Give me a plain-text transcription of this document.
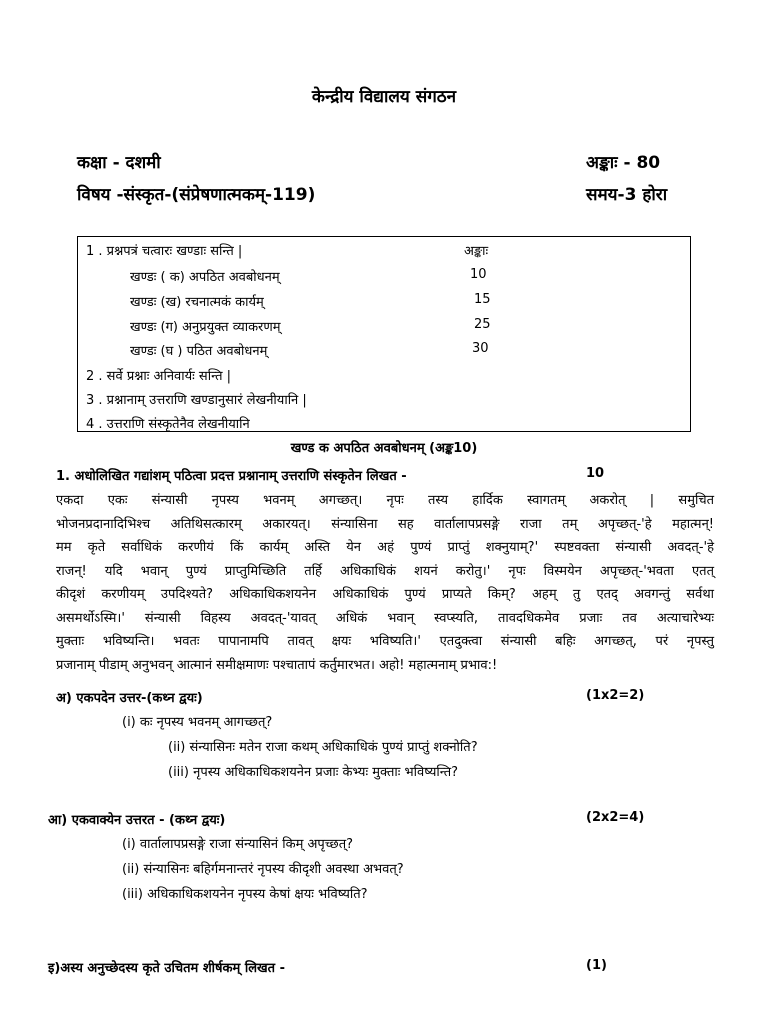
केन्द्रीय विद्यालय संगठन
कक्षा - दशमी	अङ्काः - 80
विषय -संस्कृत-(संप्रेषणात्मकम्-119)	समय-3 होरा
1 . प्रश्नपत्रं चत्वारः खण्डाः सन्ति |	अङ्काः
खण्डः ( क) अपठित अवबोधनम्	10
खण्डः (ख) रचनात्मकं कार्यम्	15
खण्डः (ग) अनुप्रयुक्त व्याकरणम्	25
खण्डः (घ ) पठित अवबोधनम्	30
2 . सर्वे प्रश्नाः अनिवार्यः सन्ति |
3 . प्रश्नानाम् उत्तराणि खण्डानुसारं लेखनीयानि |
4 . उत्तराणि संस्कृतेनैव लेखनीयानि
खण्ड क अपठित अवबोधनम् (अङ्क10)
1. अधोलिखित गद्यांशम् पठित्वा प्रदत्त प्रश्नानाम् उत्तराणि संस्कृतेन लिखत -	10
एकदा एकः संन्यासी नृपस्य भवनम् अगच्छत्। नृपः तस्य हार्दिक स्वागतम् अकरोत् | समुचित
भोजनप्रदानादिभिश्च अतिथिसत्कारम् अकारयत्। संन्यासिना सह वार्तालापप्रसङ्गे राजा तम् अपृच्छत्-'हे महात्मन्!
मम कृते सर्वाधिकं करणीयं किं कार्यम् अस्ति येन अहं पुण्यं प्राप्तुं शक्नुयाम्?' स्पष्टवक्ता संन्यासी अवदत्-'हे
राजन्! यदि भवान् पुण्यं प्राप्तुमिच्छिति तर्हि अधिकाधिकं शयनं करोतु।' नृपः विस्मयेन अपृच्छत्-'भवता एतत्
कीदृशं करणीयम् उपदिश्यते? अधिकाधिकशयनेन अधिकाधिकं पुण्यं प्राप्यते किम्? अहम् तु एतद् अवगन्तुं सर्वथा
असमर्थोऽस्मि।' संन्यासी विहस्य अवदत्-'यावत् अधिकं भवान् स्वप्स्यति, तावदधिकमेव प्रजाः तव अत्याचारेभ्यः
मुक्ताः भविष्यन्ति। भवतः पापानामपि तावत् क्षयः भविष्यति।' एतदुक्त्वा संन्यासी बहिः अगच्छत्, परं नृपस्तु
प्रजानाम् पीडाम् अनुभवन् आत्मानं समीक्षमाणः पश्चातापं कर्तुमारभत। अहो! महात्मनाम् प्रभाव:!
अ) एकपदेन उत्तर-(कथ्न द्वयः)	(1x2=2)
(i) कः नृपस्य भवनम् आगच्छत्?
(ii) संन्यासिनः मतेन राजा कथम् अधिकाधिकं पुण्यं प्राप्तुं शक्नोति?
(iii) नृपस्य अधिकाधिकशयनेन प्रजाः केभ्यः मुक्ताः भविष्यन्ति?
आ) एकवाक्येन उत्तरत - (कथ्न द्वयः)	(2x2=4)
(i) वार्तालापप्रसङ्गे राजा संन्यासिनं किम् अपृच्छत्?
(ii) संन्यासिनः बहिर्गमनान्तरं नृपस्य कीदृशी अवस्था अभवत्?
(iii) अधिकाधिकशयनेन नृपस्य केषां क्षयः भविष्यति?
इ)अस्य अनुच्छेदस्य कृते उचितम शीर्षकम् लिखत -	(1)
